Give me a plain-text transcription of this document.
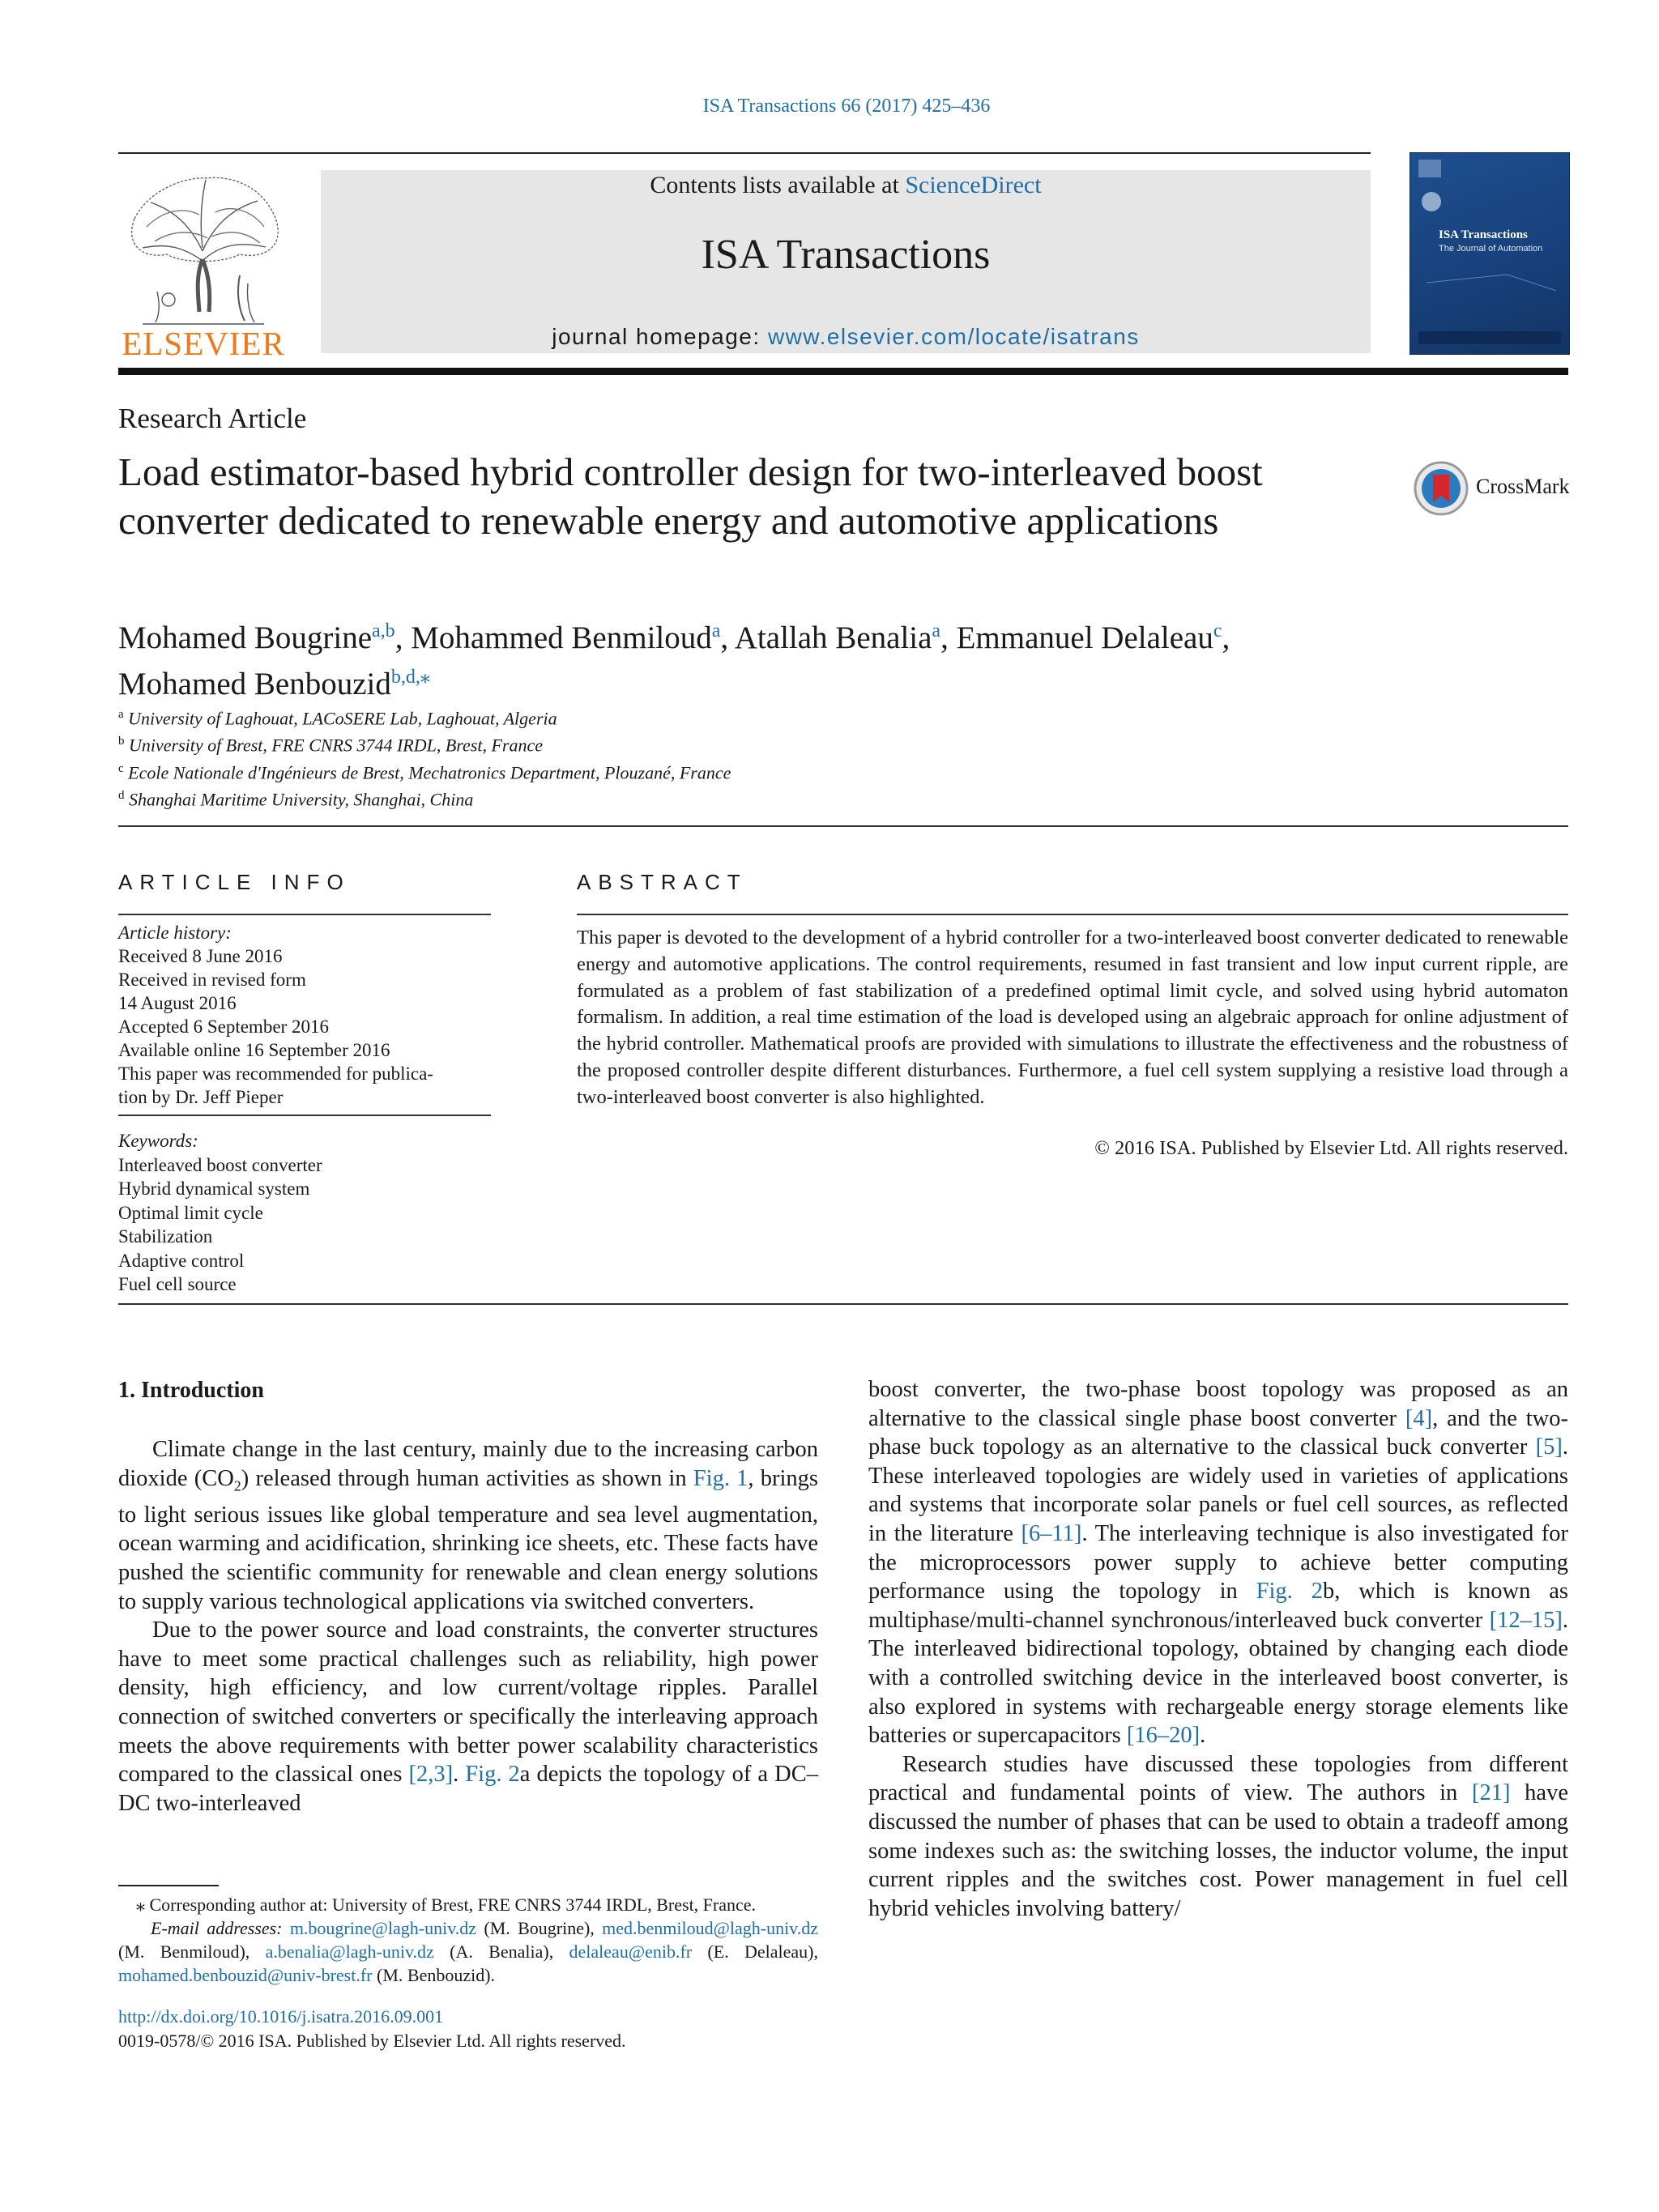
ISA Transactions 66 (2017) 425–436
ELSEVIER
Contents lists available at ScienceDirect
ISA Transactions
journal homepage: www.elsevier.com/locate/isatrans
ISA Transactions
The Journal of Automation
Research Article
Load estimator-based hybrid controller design for two-interleaved boost converter dedicated to renewable energy and automotive applications
CrossMark
Mohamed Bougrine$^{a,b}$, Mohammed Benmiloud$^a$, Atallah Benalia$^a$, Emmanuel Delaleau$^c$,
Mohamed Benbouzid$^{b,d,⁎}$
$^a$ University of Laghouat, LACoSERE Lab, Laghouat, Algeria
$^b$ University of Brest, FRE CNRS 3744 IRDL, Brest, France
$^c$ Ecole Nationale d'Ingénieurs de Brest, Mechatronics Department, Plouzané, France
$^d$ Shanghai Maritime University, Shanghai, China
ARTICLE INFO	ABSTRACT
Article history:
Received 8 June 2016
Received in revised form
14 August 2016
Accepted 6 September 2016
Available online 16 September 2016
This paper was recommended for publica-
tion by Dr. Jeff Pieper
Keywords:
Interleaved boost converter
Hybrid dynamical system
Optimal limit cycle
Stabilization
Adaptive control
Fuel cell source
This paper is devoted to the development of a hybrid controller for a two-interleaved boost converter dedicated to renewable energy and automotive applications. The control requirements, resumed in fast transient and low input current ripple, are formulated as a problem of fast stabilization of a predefined optimal limit cycle, and solved using hybrid automaton formalism. In addition, a real time estimation of the load is developed using an algebraic approach for online adjustment of the hybrid controller. Mathematical proofs are provided with simulations to illustrate the effectiveness and the robustness of the proposed controller despite different disturbances. Furthermore, a fuel cell system supplying a resistive load through a two-interleaved boost converter is also highlighted.
© 2016 ISA. Published by Elsevier Ltd. All rights reserved.
1. Introduction

Climate change in the last century, mainly due to the increasing carbon dioxide $(CO_2)$ released through human activities as shown in Fig. 1, brings to light serious issues like global temperature and sea level augmentation, ocean warming and acidification, shrinking ice sheets, etc. These facts have pushed the scientific community for renewable and clean energy solutions to supply various technological applications via switched converters.

Due to the power source and load constraints, the converter structures have to meet some practical challenges such as reliability, high power density, high efficiency, and low current/voltage ripples. Parallel connection of switched converters or specifically the interleaving approach meets the above requirements with better power scalability characteristics compared to the classical ones [2,3]. Fig. 2a depicts the topology of a DC–DC two-interleaved

boost converter, the two-phase boost topology was proposed as an alternative to the classical single phase boost converter [4], and the two-phase buck topology as an alternative to the classical buck converter [5]. These interleaved topologies are widely used in varieties of applications and systems that incorporate solar panels or fuel cell sources, as reflected in the literature [6–11]. The interleaving technique is also investigated for the microprocessors power supply to achieve better computing performance using the topology in Fig. 2b, which is known as multiphase/multi-channel synchronous/interleaved buck converter [12–15]. The interleaved bidirectional topology, obtained by changing each diode with a controlled switching device in the interleaved boost converter, is also explored in systems with rechargeable energy storage elements like batteries or supercapacitors [16–20].

Research studies have discussed these topologies from different practical and fundamental points of view. The authors in [21] have discussed the number of phases that can be used to obtain a tradeoff among some indexes such as: the switching losses, the inductor volume, the input current ripples and the switches cost. Power management in fuel cell hybrid vehicles involving battery/

⁎ Corresponding author at: University of Brest, FRE CNRS 3744 IRDL, Brest, France.
E-mail addresses: m.bougrine@lagh-univ.dz (M. Bougrine), med.benmiloud@lagh-univ.dz (M. Benmiloud), a.benalia@lagh-univ.dz (A. Benalia), delaleau@enib.fr (E. Delaleau), mohamed.benbouzid@univ-brest.fr (M. Benbouzid).
http://dx.doi.org/10.1016/j.isatra.2016.09.001
0019-0578/© 2016 ISA. Published by Elsevier Ltd. All rights reserved.
